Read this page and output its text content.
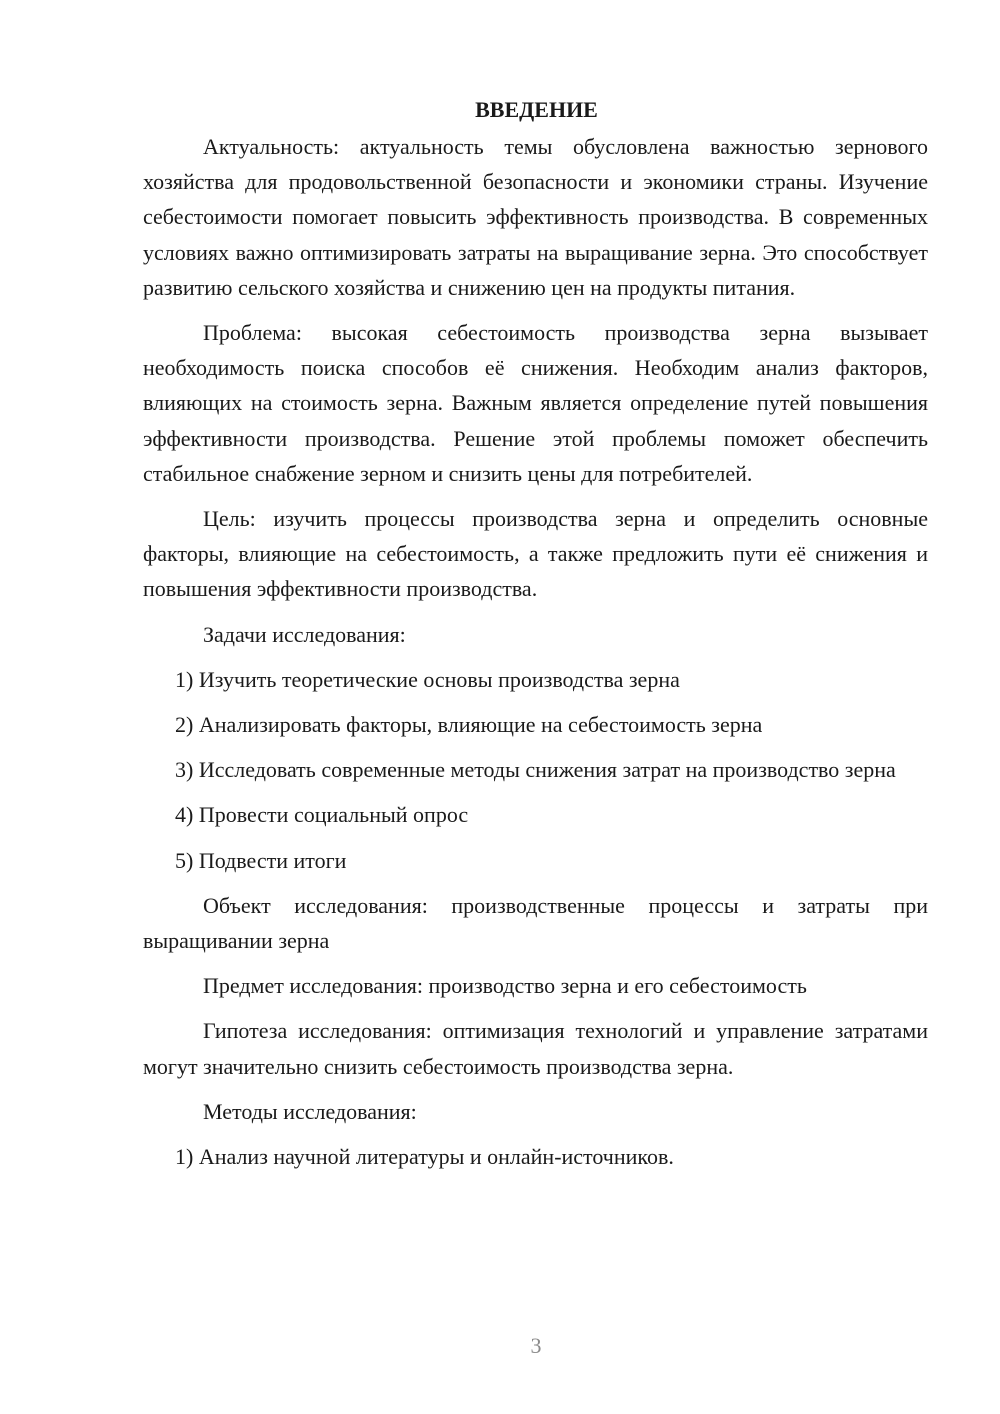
ВВЕДЕНИЕ

Актуальность: актуальность темы обусловлена важностью зернового хозяйства для продовольственной безопасности и экономики страны. Изучение себестоимости помогает повысить эффективность производства. В современных условиях важно оптимизировать затраты на выращивание зерна. Это способствует развитию сельского хозяйства и снижению цен на продукты питания.

Проблема: высокая себестоимость производства зерна вызывает необходимость поиска способов её снижения. Необходим анализ факторов, влияющих на стоимость зерна. Важным является определение путей повышения эффективности производства. Решение этой проблемы поможет обеспечить стабильное снабжение зерном и снизить цены для потребителей.

Цель: изучить процессы производства зерна и определить основные факторы, влияющие на себестоимость, а также предложить пути её снижения и повышения эффективности производства.

Задачи исследования:

1) Изучить теоретические основы производства зерна

2) Анализировать факторы, влияющие на себестоимость зерна

3) Исследовать современные методы снижения затрат на производство зерна

4) Провести социальный опрос

5) Подвести итоги

Объект исследования: производственные процессы и затраты при выращивании зерна

Предмет исследования: производство зерна и его себестоимость

Гипотеза исследования: оптимизация технологий и управление затратами могут значительно снизить себестоимость производства зерна.

Методы исследования:

1) Анализ научной литературы и онлайн-источников.

3
